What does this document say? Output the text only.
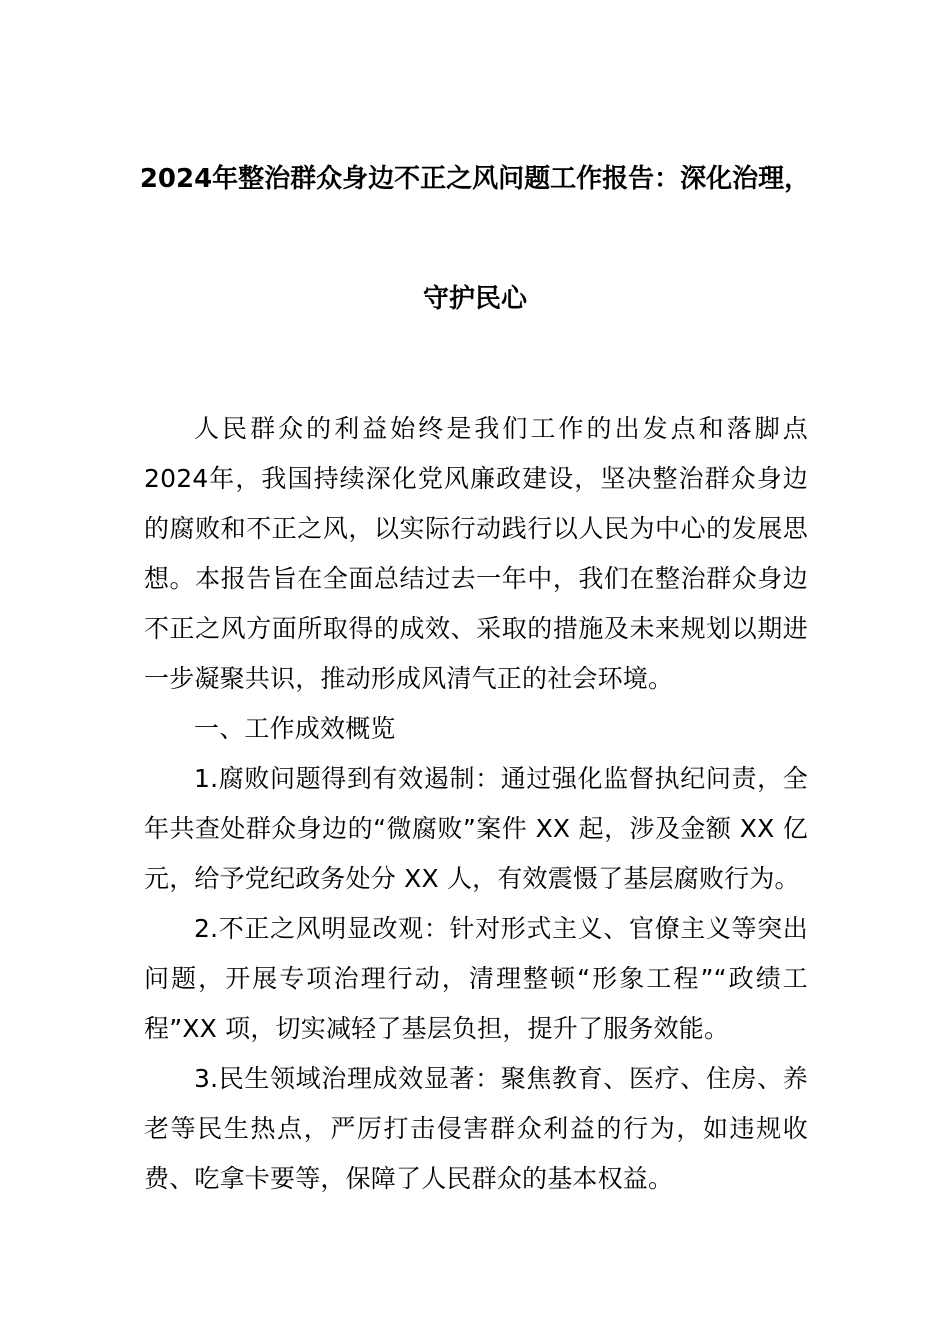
2024年整治群众身边不正之风问题工作报告：深化治理，
守护民心

人民群众的利益始终是我们工作的出发点和落脚点 2024年，我国持续深化党风廉政建设，坚决整治群众身边的腐败和不正之风，以实际行动践行以人民为中心的发展思想。本报告旨在全面总结过去一年中，我们在整治群众身边不正之风方面所取得的成效、采取的措施及未来规划以期进一步凝聚共识，推动形成风清气正的社会环境。

一、工作成效概览

1.腐败问题得到有效遏制：通过强化监督执纪问责，全年共查处群众身边的“微腐败”案件 XX 起，涉及金额 XX 亿元，给予党纪政务处分 XX 人，有效震慑了基层腐败行为。

2.不正之风明显改观：针对形式主义、官僚主义等突出问题，开展专项治理行动，清理整顿“形象工程”“政绩工程”XX 项，切实减轻了基层负担，提升了服务效能。

3.民生领域治理成效显著：聚焦教育、医疗、住房、养老等民生热点，严厉打击侵害群众利益的行为，如违规收费、吃拿卡要等，保障了人民群众的基本权益。
